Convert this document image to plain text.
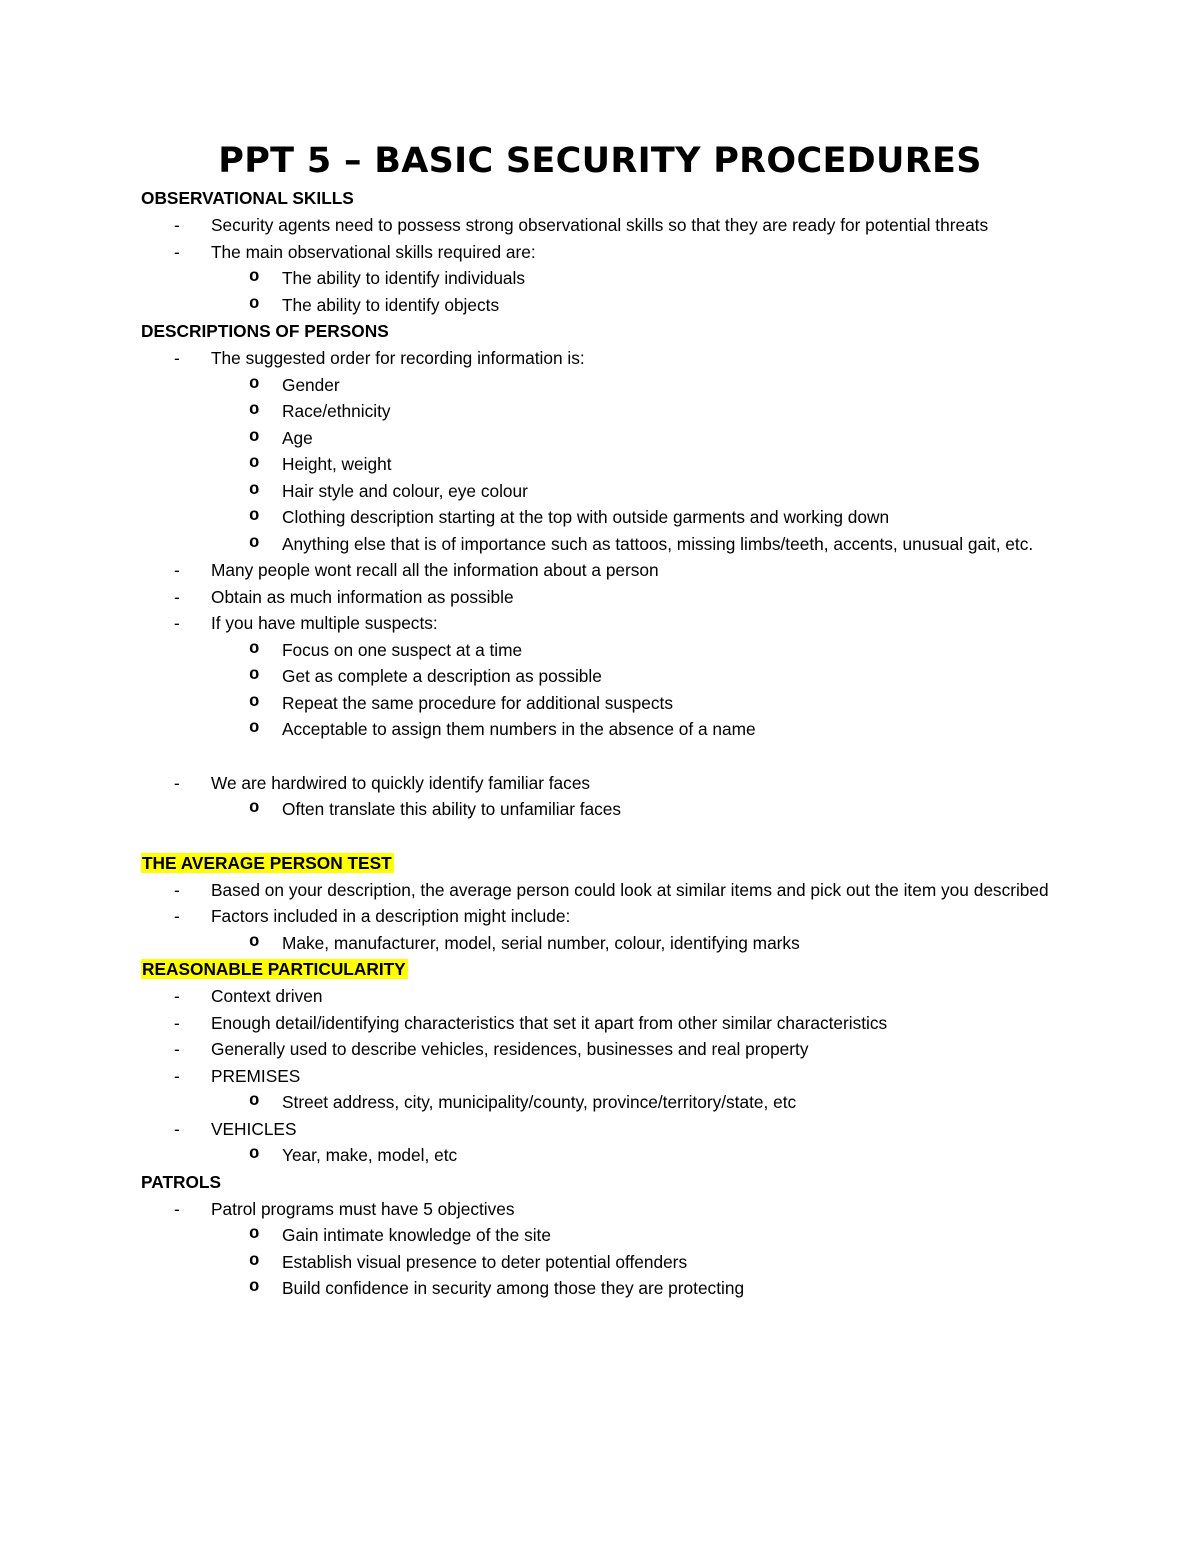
PPT 5 – BASIC SECURITY PROCEDURES
OBSERVATIONAL SKILLS
- Security agents need to possess strong observational skills so that they are ready for potential threats
- The main observational skills required are:
o The ability to identify individuals
o The ability to identify objects
DESCRIPTIONS OF PERSONS
- The suggested order for recording information is:
o Gender
o Race/ethnicity
o Age
o Height, weight
o Hair style and colour, eye colour
o Clothing description starting at the top with outside garments and working down
o Anything else that is of importance such as tattoos, missing limbs/teeth, accents, unusual gait, etc.
- Many people wont recall all the information about a person
- Obtain as much information as possible
- If you have multiple suspects:
o Focus on one suspect at a time
o Get as complete a description as possible
o Repeat the same procedure for additional suspects
o Acceptable to assign them numbers in the absence of a name
- We are hardwired to quickly identify familiar faces
o Often translate this ability to unfamiliar faces
THE AVERAGE PERSON TEST
- Based on your description, the average person could look at similar items and pick out the item you described
- Factors included in a description might include:
o Make, manufacturer, model, serial number, colour, identifying marks
REASONABLE PARTICULARITY
- Context driven
- Enough detail/identifying characteristics that set it apart from other similar characteristics
- Generally used to describe vehicles, residences, businesses and real property
- PREMISES
o Street address, city, municipality/county, province/territory/state, etc
- VEHICLES
o Year, make, model, etc
PATROLS
- Patrol programs must have 5 objectives
o Gain intimate knowledge of the site
o Establish visual presence to deter potential offenders
o Build confidence in security among those they are protecting
